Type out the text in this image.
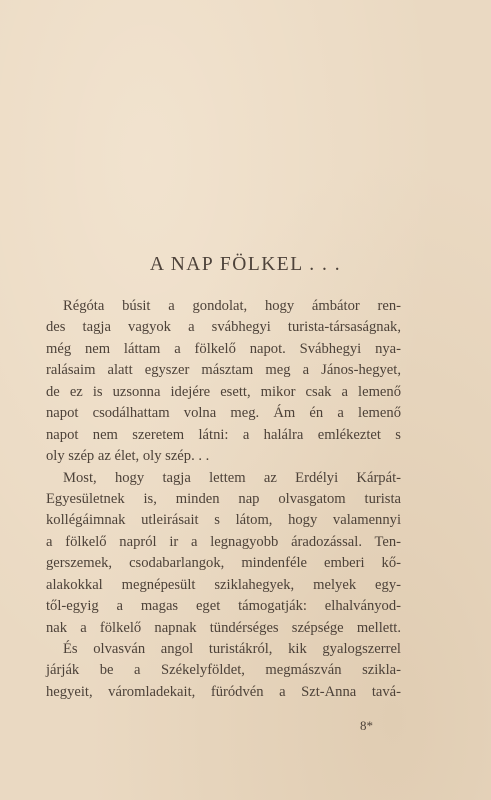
A NAP FÖLKEL . . .
Régóta búsit a gondolat, hogy ámbátor ren-
des tagja vagyok a svábhegyi turista-társaságnak,
még nem láttam a fölkelő napot. Svábhegyi nya-
ralásaim alatt egyszer másztam meg a János-hegyet,
de ez is uzsonna idejére esett, mikor csak a lemenő
napot csodálhattam volna meg. Ám én a lemenő
napot nem szeretem látni: a halálra emlékeztet s
oly szép az élet, oly szép. . .
Most, hogy tagja lettem az Erdélyi Kárpát-
Egyesületnek is, minden nap olvasgatom turista
kollégáimnak utleirásait s látom, hogy valamennyi
a fölkelő napról ir a legnagyobb áradozással. Ten-
gerszemek, csodabarlangok, mindenféle emberi kő-
alakokkal megnépesült sziklahegyek, melyek egy-
től-egyig a magas eget támogatják: elhalványod-
nak a fölkelő napnak tündérséges szépsége mellett.
És olvasván angol turistákról, kik gyalogszerrel
járják be a Székelyföldet, megmászván szikla-
hegyeit, váromladekait, füródvén a Szt-Anna tavá-
8*
